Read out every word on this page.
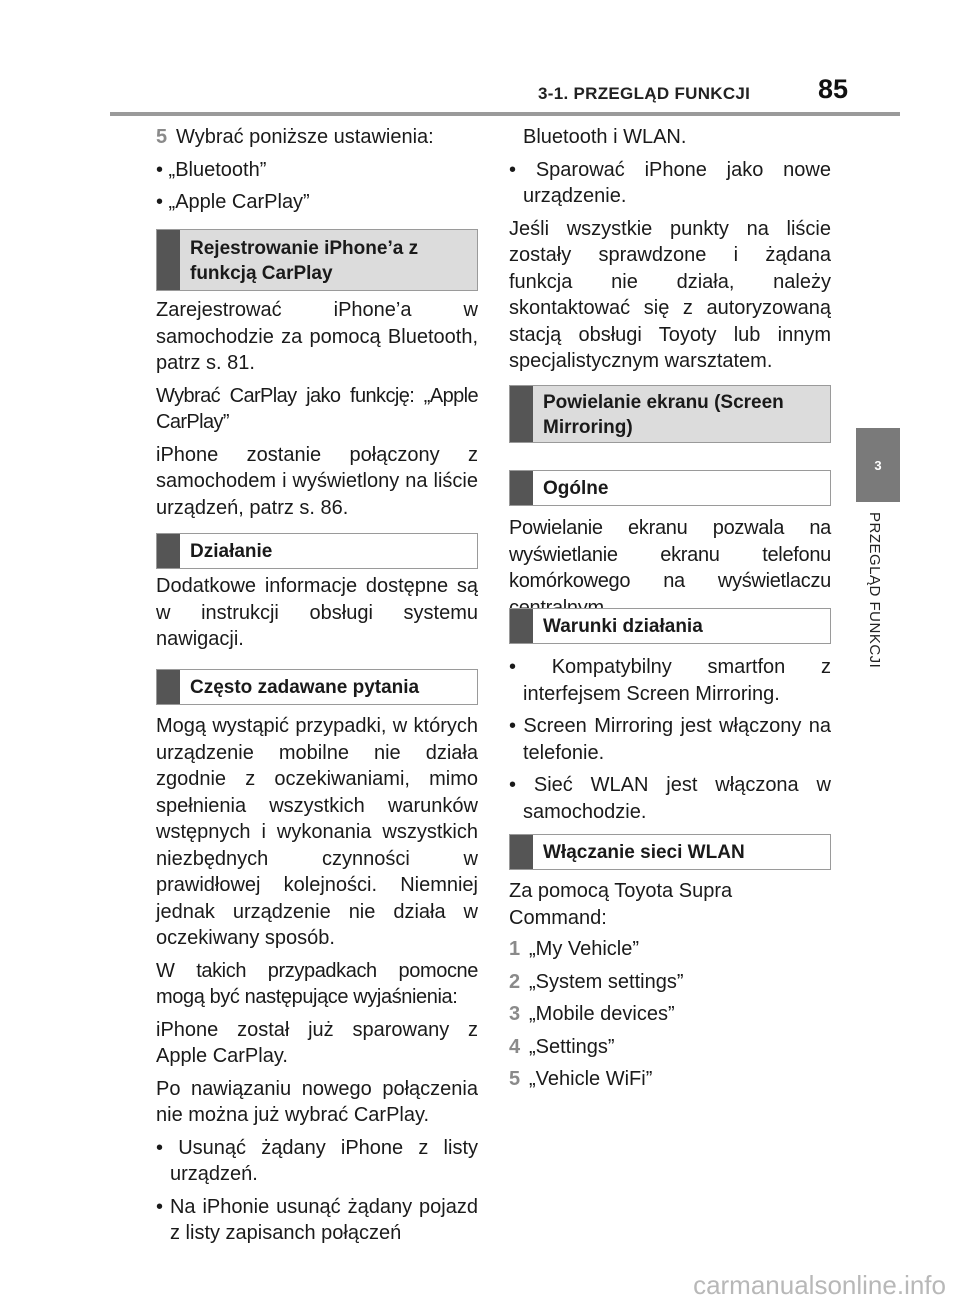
3-1. PRZEGLĄD FUNKCJI	85
3
PRZEGLĄD FUNKCJI
5 Wybrać poniższe ustawienia:
• „Bluetooth”
• „Apple CarPlay”
Rejestrowanie iPhone’a z funkcją CarPlay

Zarejestrować iPhone’a w samochodzie za pomocą Bluetooth, patrz s. 81.

Wybrać CarPlay jako funkcję: „Apple CarPlay”

iPhone zostanie połączony z samochodem i wyświetlony na liście urządzeń, patrz s. 86.

Działanie

Dodatkowe informacje dostępne są w instrukcji obsługi systemu nawigacji.

Często zadawane pytania

Mogą wystąpić przypadki, w których urządzenie mobilne nie działa zgodnie z oczekiwaniami, mimo spełnienia wszystkich warunków wstępnych i wykonania wszystkich niezbędnych czynności w prawidłowej kolejności. Niemniej jednak urządzenie nie działa w oczekiwany sposób.

W takich przypadkach pomocne mogą być następujące wyjaśnienia:

iPhone został już sparowany z Apple CarPlay.

Po nawiązaniu nowego połączenia nie można już wybrać CarPlay.

• Usunąć żądany iPhone z listy urządzeń.
• Na iPhonie usunąć żądany pojazd z listy zapisanch połączeń
Bluetooth i WLAN.
• Sparować iPhone jako nowe urządzenie.

Jeśli wszystkie punkty na liście zostały sprawdzone i żądana funkcja nie działa, należy skontaktować się z autoryzowaną stacją obsługi Toyoty lub innym specjalistycznym warsztatem.

Powielanie ekranu (Screen Mirroring)
Ogólne

Powielanie ekranu pozwala na wyświetlanie ekranu telefonu komórkowego na wyświetlaczu

Warunki działania
• Kompatybilny smartfon z interfejsem Screen Mirroring.
• Screen Mirroring jest włączony na telefonie.
• Sieć WLAN jest włączona w samochodzie.
Włączanie sieci WLAN

Za pomocą Toyota Supra Command:

1 „My Vehicle”
2 „System settings”
3 „Mobile devices”
4 „Settings”
5 „Vehicle WiFi”
carmanualsonline.info
